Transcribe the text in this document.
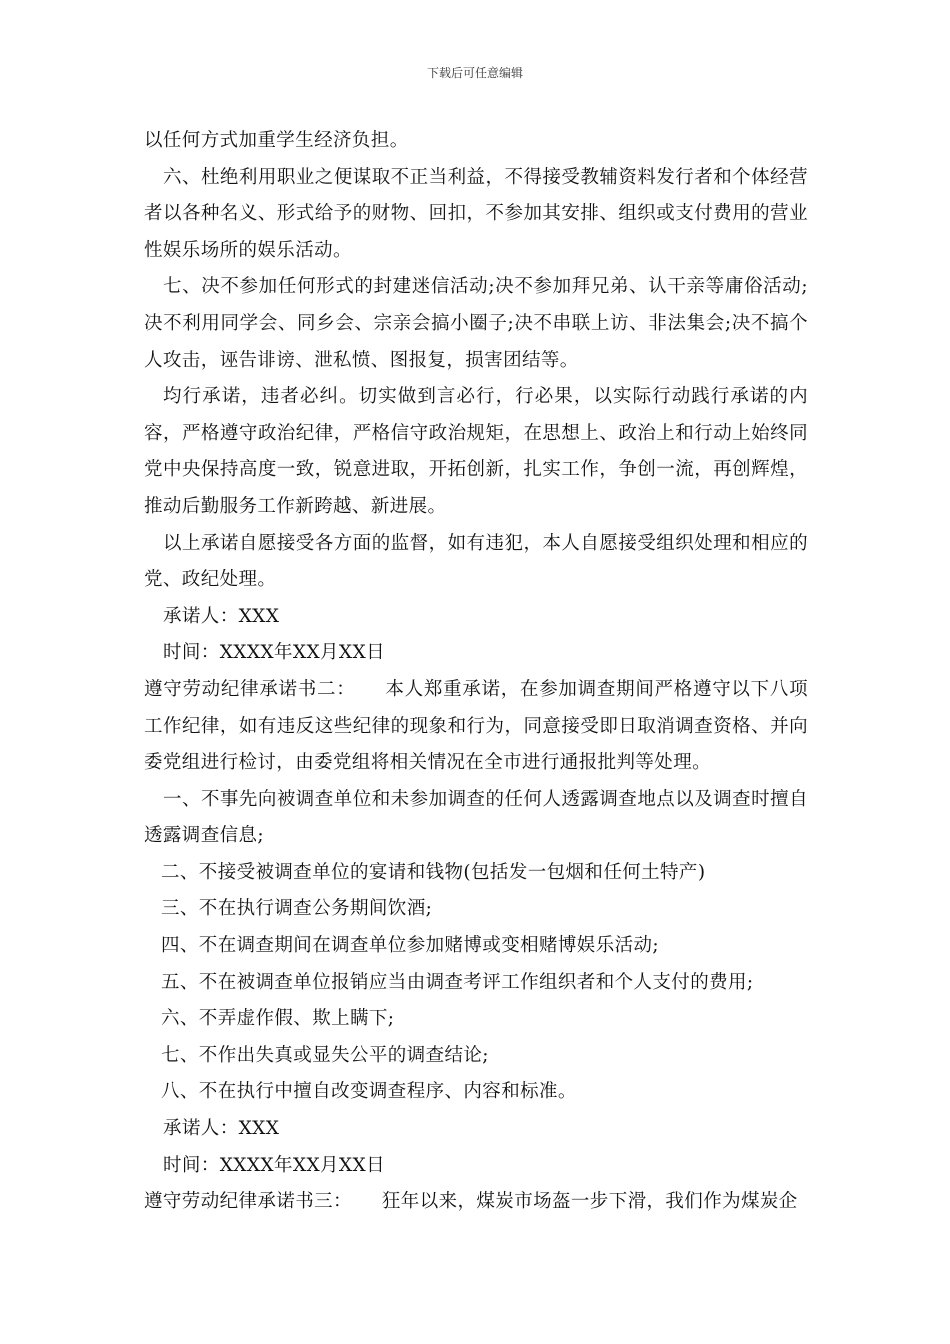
下载后可任意编辑

以任何方式加重学生经济负担。

六、杜绝利用职业之便谋取不正当利益，不得接受教辅资料发行者和个体经营者以各种名义、形式给予的财物、回扣，不参加其安排、组织或支付费用的营业性娱乐场所的娱乐活动。

七、决不参加任何形式的封建迷信活动;决不参加拜兄弟、认干亲等庸俗活动;决不利用同学会、同乡会、宗亲会搞小圈子;决不串联上访、非法集会;决不搞个人攻击，诬告诽谤、泄私愤、图报复，损害团结等。

均行承诺，违者必纠。切实做到言必行，行必果，以实际行动践行承诺的内容，严格遵守政治纪律，严格信守政治规矩，在思想上、政治上和行动上始终同党中央保持高度一致，锐意进取，开拓创新，扎实工作，争创一流，再创辉煌，推动后勤服务工作新跨越、新进展。

以上承诺自愿接受各方面的监督，如有违犯，本人自愿接受组织处理和相应的党、政纪处理。

承诺人：XXX

时间：XXXX年XX月XX日

遵守劳动纪律承诺书二： 本人郑重承诺，在参加调查期间严格遵守以下八项工作纪律，如有违反这些纪律的现象和行为，同意接受即日取消调查资格、并向委党组进行检讨，由委党组将相关情况在全市进行通报批判等处理。

一、不事先向被调查单位和未参加调查的任何人透露调查地点以及调查时擅自透露调查信息;

二、不接受被调查单位的宴请和钱物(包括发一包烟和任何土特产)

三、不在执行调查公务期间饮酒;

四、不在调查期间在调查单位参加赌博或变相赌博娱乐活动;

五、不在被调查单位报销应当由调查考评工作组织者和个人支付的费用;

六、不弄虚作假、欺上瞒下;

七、不作出失真或显失公平的调查结论;

八、不在执行中擅自改变调查程序、内容和标准。

承诺人：XXX

时间：XXXX年XX月XX日

遵守劳动纪律承诺书三： 狂年以来，煤炭市场盔一步下滑，我们作为煤炭企
